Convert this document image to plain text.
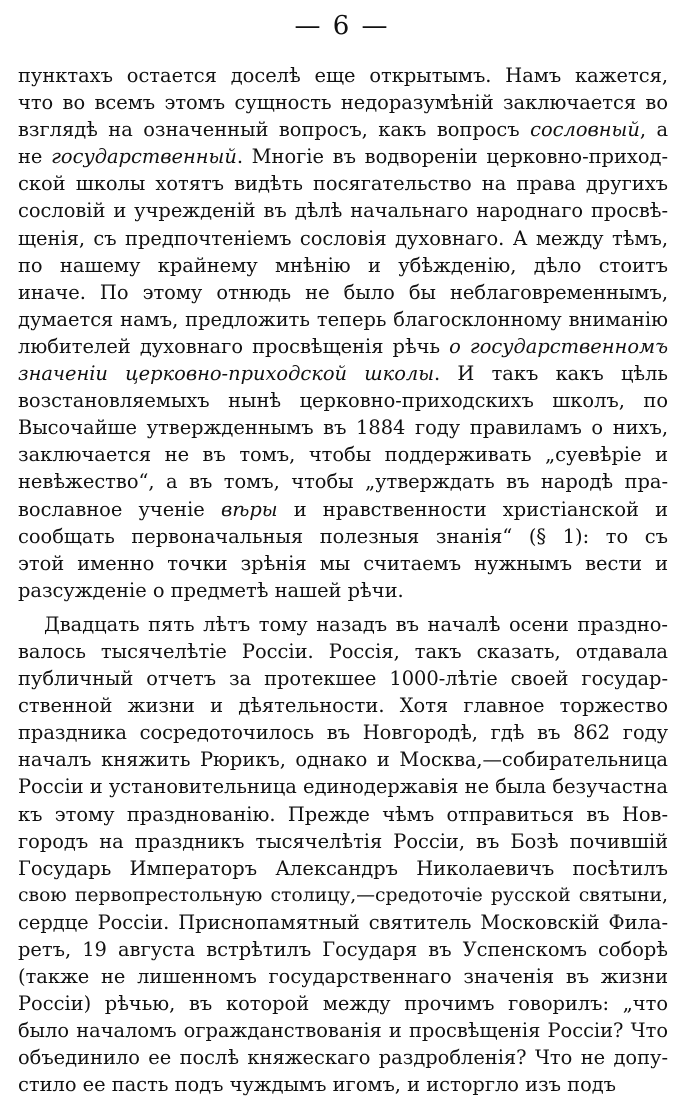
— 6 —
пунктахъ остается доселѣ еще открытымъ. Намъ кажется,
что во всемъ этомъ сущность недоразумѣній заключается во
взглядѣ на означенный вопросъ, какъ вопросъ сословный, а
не государственный. Многіе въ водвореніи церковно-приход-
ской школы хотятъ видѣть посягательство на права другихъ
сословій и учрежденій въ дѣлѣ начальнаго народнаго просвѣ-
щенія, съ предпочтеніемъ сословія духовнаго. А между тѣмъ,
по нашему крайнему мнѣнію и убѣжденію, дѣло стоитъ
иначе. По этому отнюдь не было бы неблаговременнымъ,
думается намъ, предложить теперь благосклонному вниманію
любителей духовнаго просвѣщенія рѣчь о государственномъ
значеніи церковно-приходской школы. И такъ какъ цѣль
возстановляемыхъ нынѣ церковно-приходскихъ школъ, по
Высочайше утвержденнымъ въ 1884 году правиламъ о нихъ,
заключается не въ томъ, чтобы поддерживать „суевѣріе и
невѣжество“, а въ томъ, чтобы „утверждать въ народѣ пра-
вославное ученіе вѣры и нравственности христіанской и
сообщать первоначальныя полезныя знанія“ (§ 1): то съ
этой именно точки зрѣнія мы считаемъ нужнымъ вести и
разсужденіе о предметѣ нашей рѣчи.
Двадцать пять лѣтъ тому назадъ въ началѣ осени праздно-
валось тысячелѣтіе Россіи. Россія, такъ сказать, отдавала
публичный отчетъ за протекшее 1000-лѣтіе своей государ-
ственной жизни и дѣятельности. Хотя главное торжество
праздника сосредоточилось въ Новгородѣ, гдѣ въ 862 году
началъ княжить Рюрикъ, однако и Москва,—собирательница
Россіи и установительница единодержавія не была безучастна
къ этому празднованію. Прежде чѣмъ отправиться въ Нов-
городъ на праздникъ тысячелѣтія Россіи, въ Бозѣ почившій
Государь Императоръ Александръ Николаевичъ посѣтилъ
свою первопрестольную столицу,—средоточіе русской святыни,
сердце Россіи. Приснопамятный святитель Московскій Фила-
ретъ, 19 августа встрѣтилъ Государя въ Успенскомъ соборѣ
(также не лишенномъ государственнаго значенія въ жизни
Россіи) рѣчью, въ которой между прочимъ говорилъ: „что
было началомъ огражданствованія и просвѣщенія Россіи? Что
объединило ее послѣ княжескаго раздробленія? Что не допу-
стило ее пасть подъ чуждымъ игомъ, и исторгло изъ подъ
